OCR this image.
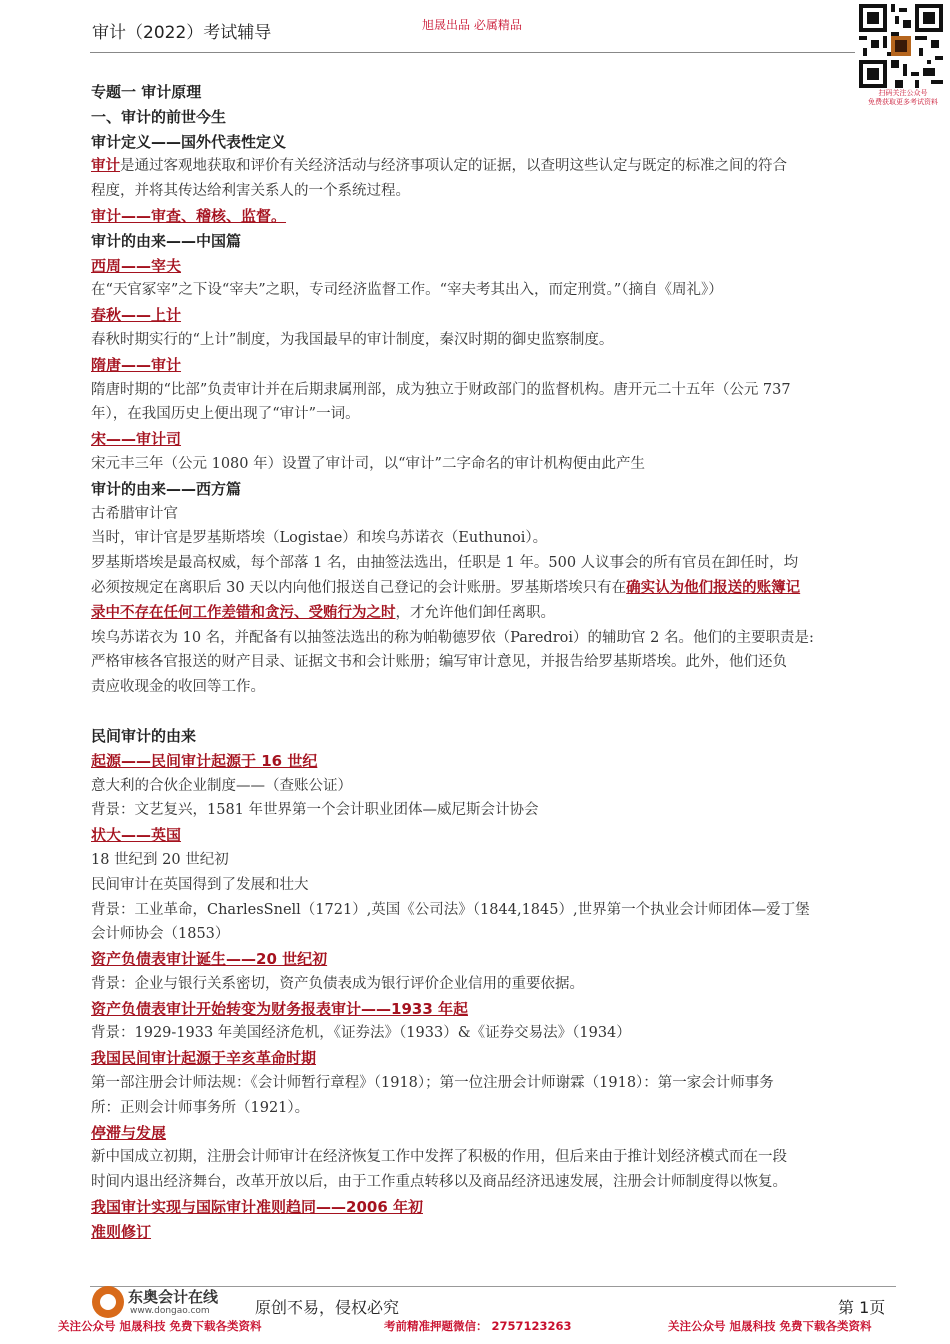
审计（2022）考试辅导	旭晟出品 必属精品
扫码关注公众号
免费获取更多考试资料
专题一 审计原理
一、审计的前世今生
审计定义——国外代表性定义
审计是通过客观地获取和评价有关经济活动与经济事项认定的证据，以查明这些认定与既定的标准之间的符合
程度，并将其传达给利害关系人的一个系统过程。
审计——审查、稽核、监督。
审计的由来——中国篇
西周——宰夫
在“天官冢宰”之下设“宰夫”之职，专司经济监督工作。“宰夫考其出入，而定刑赏。”（摘自《周礼》）
春秋——上计
春秋时期实行的“上计”制度，为我国最早的审计制度，秦汉时期的御史监察制度。
隋唐——审计
隋唐时期的“比部”负责审计并在后期隶属刑部，成为独立于财政部门的监督机构。唐开元二十五年（公元 737
年），在我国历史上便出现了“审计”一词。
宋——审计司
宋元丰三年（公元 1080 年）设置了审计司，以“审计”二字命名的审计机构便由此产生
审计的由来——西方篇
古希腊审计官
当时，审计官是罗基斯塔埃（Logistae）和埃乌苏诺衣（Euthunoi）。
罗基斯塔埃是最高权威，每个部落 1 名，由抽签法选出，任职是 1 年。500 人议事会的所有官员在卸任时，均
必须按规定在离职后 30 天以内向他们报送自己登记的会计账册。罗基斯塔埃只有在确实认为他们报送的账簿记
录中不存在任何工作差错和贪污、受贿行为之时，才允许他们卸任离职。
埃乌苏诺衣为 10 名，并配备有以抽签法选出的称为帕勒德罗依（Paredroi）的辅助官 2 名。他们的主要职责是:
严格审核各官报送的财产目录、证据文书和会计账册；编写审计意见，并报告给罗基斯塔埃。此外，他们还负
责应收现金的收回等工作。
民间审计的由来
起源——民间审计起源于 16 世纪
意大利的合伙企业制度——（查账公证）
背景：文艺复兴，1581 年世界第一个会计职业团体—威尼斯会计协会
状大——英国
18 世纪到 20 世纪初
民间审计在英国得到了发展和壮大
背景：工业革命，CharlesSnell（1721）,英国《公司法》（1844,1845）,世界第一个执业会计师团体—爱丁堡
会计师协会（1853）
资产负债表审计诞生——20 世纪初
背景：企业与银行关系密切，资产负债表成为银行评价企业信用的重要依据。
资产负债表审计开始转变为财务报表审计——1933 年起
背景：1929-1933 年美国经济危机，《证券法》（1933）&《证券交易法》（1934）
我国民间审计起源于辛亥革命时期
第一部注册会计师法规：《会计师暂行章程》（1918）；第一位注册会计师谢霖（1918）：第一家会计师事务
所：正则会计师事务所（1921）。
停滞与发展
新中国成立初期，注册会计师审计在经济恢复工作中发挥了积极的作用，但后来由于推计划经济模式而在一段
时间内退出经济舞台，改革开放以后，由于工作重点转移以及商品经济迅速发展，注册会计师制度得以恢复。
我国审计实现与国际审计准则趋同——2006 年初
准则修订
东奥会计在线
www.dongao.com	原创不易，侵权必究	第 1页
关注公众号 旭晟科技 免费下载各类资料	考前精准押题微信： 2757123263	关注公众号 旭晟科技 免费下载各类资料
